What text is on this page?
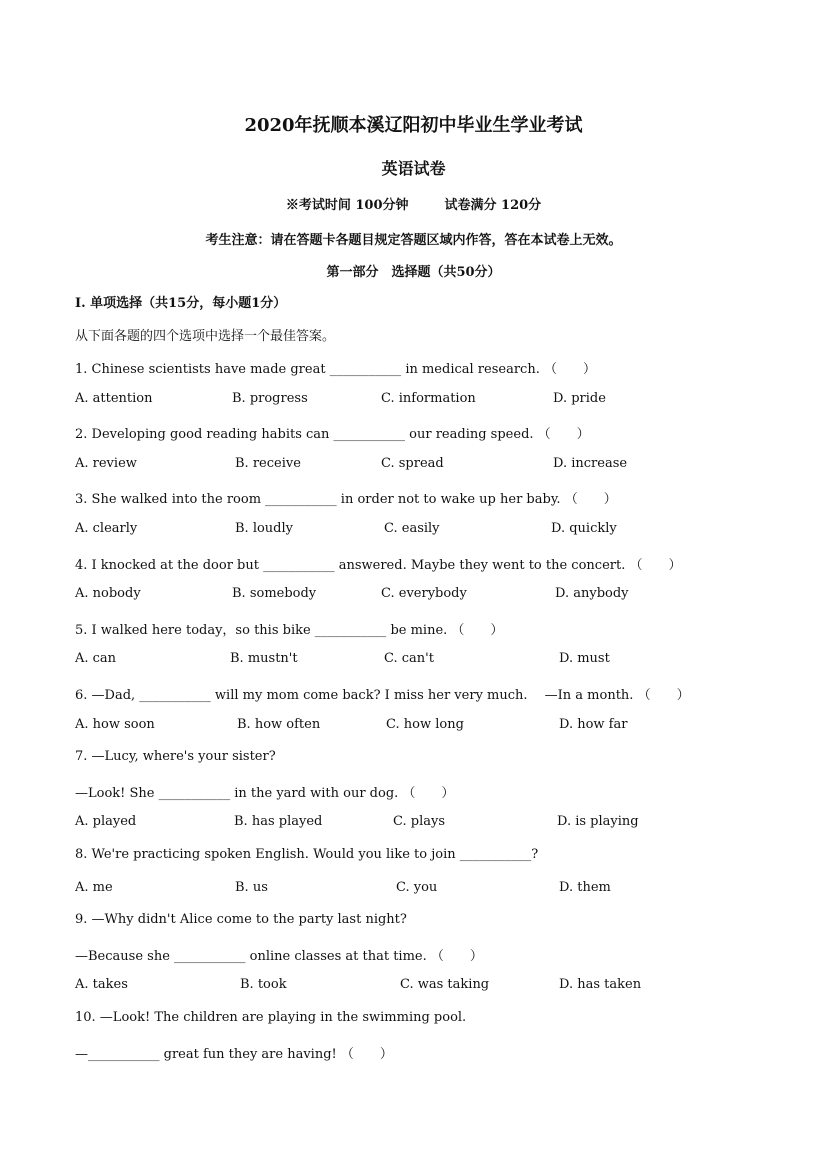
2020年抚顺本溪辽阳初中毕业生学业考试
英语试卷
※考试时间 100分钟	试卷满分 120分
考生注意：请在答题卡各题目规定答题区域内作答，答在本试卷上无效。
第一部分　选择题（共50分）
I. 单项选择（共15分，每小题1分）
从下面各题的四个选项中选择一个最佳答案。
1. Chinese scientists have made great ___________ in medical research. （　　）
A. attention	B. progress	C. information	D. pride
2. Developing good reading habits can ___________ our reading speed. （　　）
A. review	B. receive	C. spread	D. increase
3. She walked into the room ___________ in order not to wake up her baby. （　　）
A. clearly	B. loudly	C. easily	D. quickly
4. I knocked at the door but ___________ answered. Maybe they went to the concert. （　　）
A. nobody	B. somebody	C. everybody	D. anybody
5. I walked here today，so this bike ___________ be mine. （　　）
A. can	B. mustn't	C. can't	D. must
6. —Dad, ___________ will my mom come back? I miss her very much.　 —In a month. （　　）
A. how soon	B. how often	C. how long	D. how far
7. —Lucy, where's your sister?
—Look! She ___________ in the yard with our dog. （　　）
A. played	B. has played	C. plays	D. is playing
8. We're practicing spoken English. Would you like to join ___________?
A. me	B. us	C. you	D. them
9. —Why didn't Alice come to the party last night?
—Because she ___________ online classes at that time. （　　）
A. takes	B. took	C. was taking	D. has taken
10. —Look! The children are playing in the swimming pool.
—___________ great fun they are having! （　　）
